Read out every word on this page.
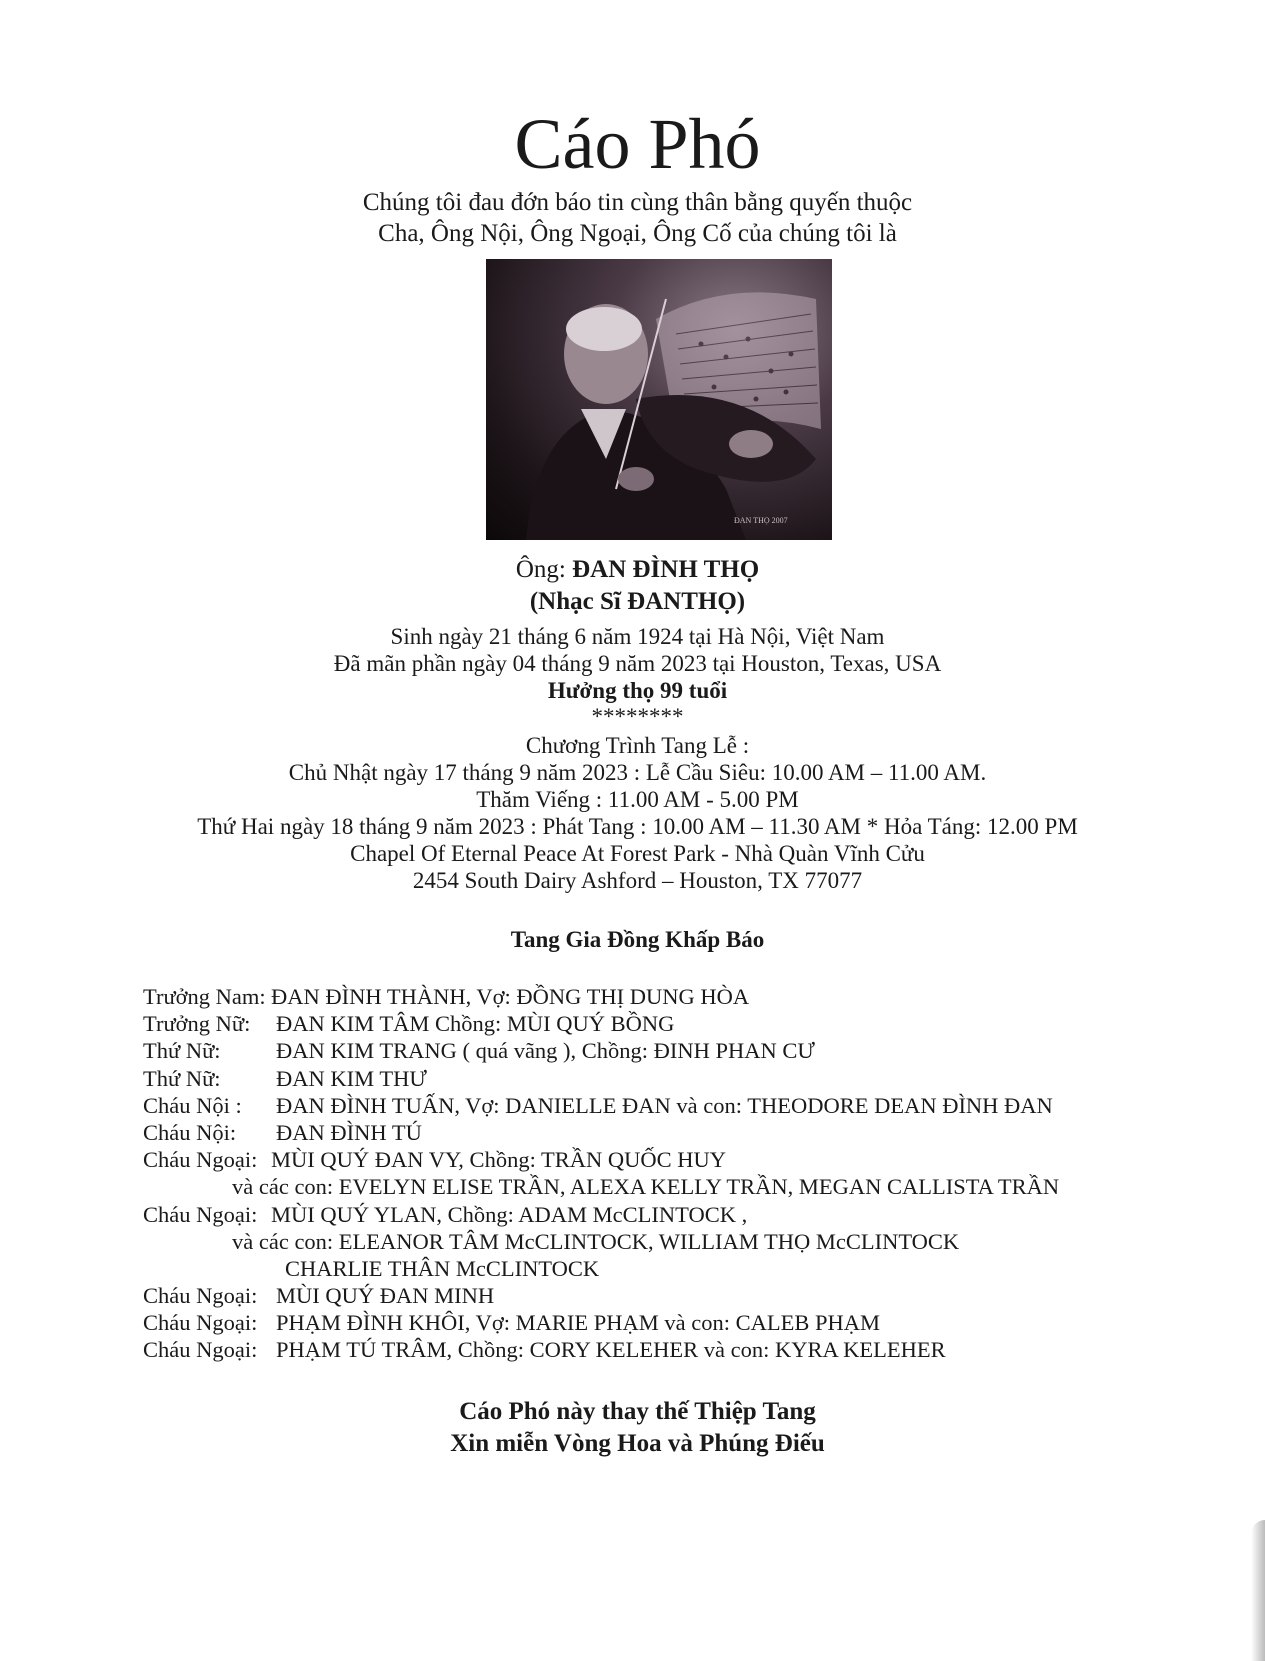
Cáo Phó
Chúng tôi đau đớn báo tin cùng thân bằng quyến thuộc
Cha, Ông Nội, Ông Ngoại, Ông Cố của chúng tôi là
ĐAN THỌ 2007
Ông: ĐAN ĐÌNH THỌ
(Nhạc Sĩ ĐANTHỌ)
Sinh ngày 21 tháng 6 năm 1924 tại Hà Nội, Việt Nam
Đã mãn phần ngày 04 tháng 9 năm 2023 tại Houston, Texas, USA
Hưởng thọ 99 tuổi
********
Chương Trình Tang Lễ :
Chủ Nhật ngày 17 tháng 9 năm 2023 : Lễ Cầu Siêu: 10.00 AM – 11.00 AM.
Thăm Viếng : 11.00 AM - 5.00 PM
Thứ Hai ngày 18 tháng 9 năm 2023 : Phát Tang : 10.00 AM – 11.30 AM * Hỏa Táng: 12.00 PM
Chapel Of Eternal Peace At Forest Park - Nhà Quàn Vĩnh Cửu
2454 South Dairy Ashford – Houston, TX 77077
Tang Gia Đồng Khấp Báo
Trưởng Nam: ĐAN ĐÌNH THÀNH, Vợ: ĐỒNG THỊ DUNG HÒA
Trưởng Nữ: ĐAN KIM TÂM Chồng: MÙI QUÝ BỒNG
Thứ Nữ: ĐAN KIM TRANG ( quá vãng ), Chồng: ĐINH PHAN CƯ
Thứ Nữ: ĐAN KIM THƯ
Cháu Nội : ĐAN ĐÌNH TUẤN, Vợ: DANIELLE ĐAN và con: THEODORE DEAN ĐÌNH ĐAN
Cháu Nội: ĐAN ĐÌNH TÚ
Cháu Ngoại: MÙI QUÝ ĐAN VY, Chồng: TRẦN QUỐC HUY
và các con: EVELYN ELISE TRẦN, ALEXA KELLY TRẦN, MEGAN CALLISTA TRẦN
Cháu Ngoại: MÙI QUÝ YLAN, Chồng: ADAM McCLINTOCK ,
và các con: ELEANOR TÂM McCLINTOCK, WILLIAM THỌ McCLINTOCK
CHARLIE THÂN McCLINTOCK
Cháu Ngoại: MÙI QUÝ ĐAN MINH
Cháu Ngoại: PHẠM ĐÌNH KHÔI, Vợ: MARIE PHẠM và con: CALEB PHẠM
Cháu Ngoại: PHẠM TÚ TRÂM, Chồng: CORY KELEHER và con: KYRA KELEHER
Cáo Phó này thay thế Thiệp Tang
Xin miễn Vòng Hoa và Phúng Điếu
